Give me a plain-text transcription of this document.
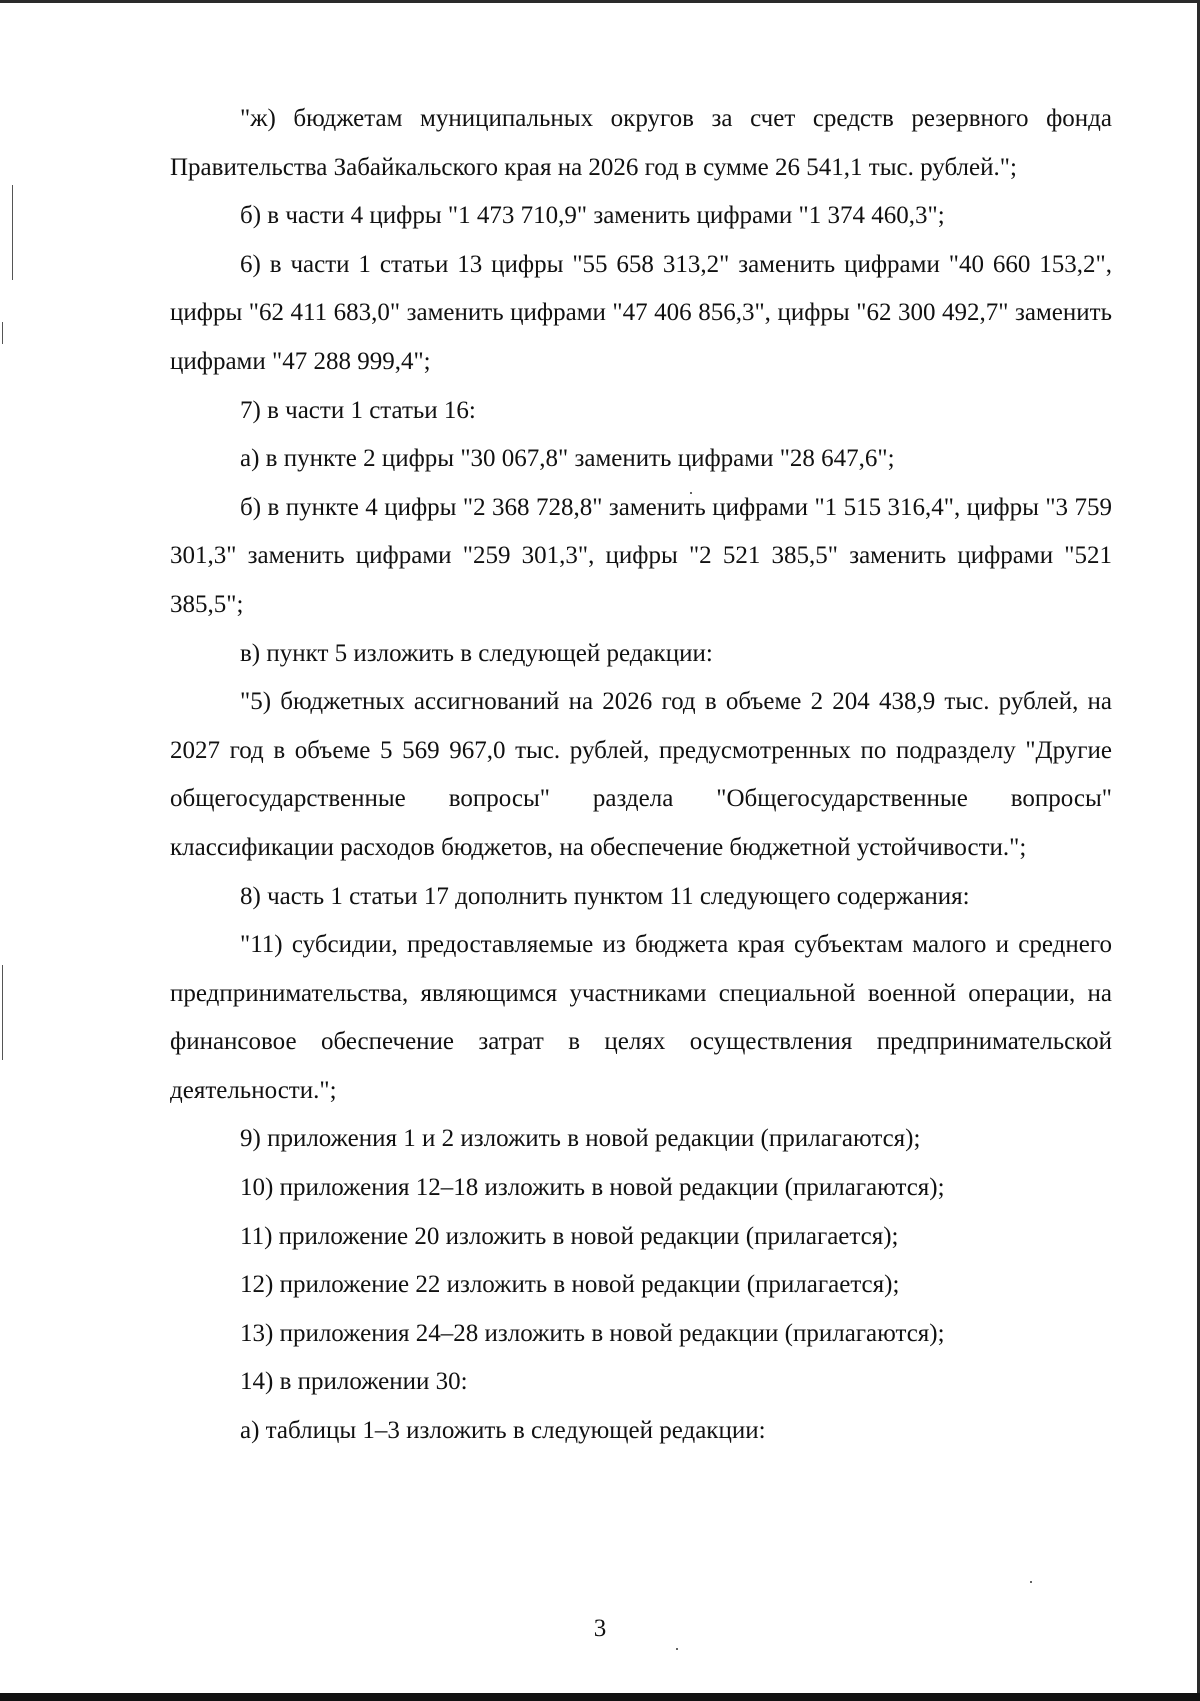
"ж) бюджетам муниципальных округов за счет средств резервного фонда Правительства Забайкальского края на 2026 год в сумме 26 541,1 тыс. рублей.";

б) в части 4 цифры "1 473 710,9" заменить цифрами "1 374 460,3";

6) в части 1 статьи 13 цифры "55 658 313,2" заменить цифрами "40 660 153,2", цифры "62 411 683,0" заменить цифрами "47 406 856,3", цифры "62 300 492,7" заменить цифрами "47 288 999,4";

7) в части 1 статьи 16:

а) в пункте 2 цифры "30 067,8" заменить цифрами "28 647,6";

б) в пункте 4 цифры "2 368 728,8" заменить цифрами "1 515 316,4", цифры "3 759 301,3" заменить цифрами "259 301,3", цифры "2 521 385,5" заменить цифрами "521 385,5";

в) пункт 5 изложить в следующей редакции:

"5) бюджетных ассигнований на 2026 год в объеме 2 204 438,9 тыс. рублей, на 2027 год в объеме 5 569 967,0 тыс. рублей, предусмотренных по подразделу "Другие общегосударственные вопросы" раздела "Общегосударственные вопросы" классификации расходов бюджетов, на обеспечение бюджетной устойчивости.";

8) часть 1 статьи 17 дополнить пунктом 11 следующего содержания:

"11) субсидии, предоставляемые из бюджета края субъектам малого и среднего предпринимательства, являющимся участниками специальной военной операции, на финансовое обеспечение затрат в целях осуществления предпринимательской деятельности.";

9) приложения 1 и 2 изложить в новой редакции (прилагаются);

10) приложения 12–18 изложить в новой редакции (прилагаются);

11) приложение 20 изложить в новой редакции (прилагается);

12) приложение 22 изложить в новой редакции (прилагается);

13) приложения 24–28 изложить в новой редакции (прилагаются);

14) в приложении 30:

а) таблицы 1–3 изложить в следующей редакции:

3
